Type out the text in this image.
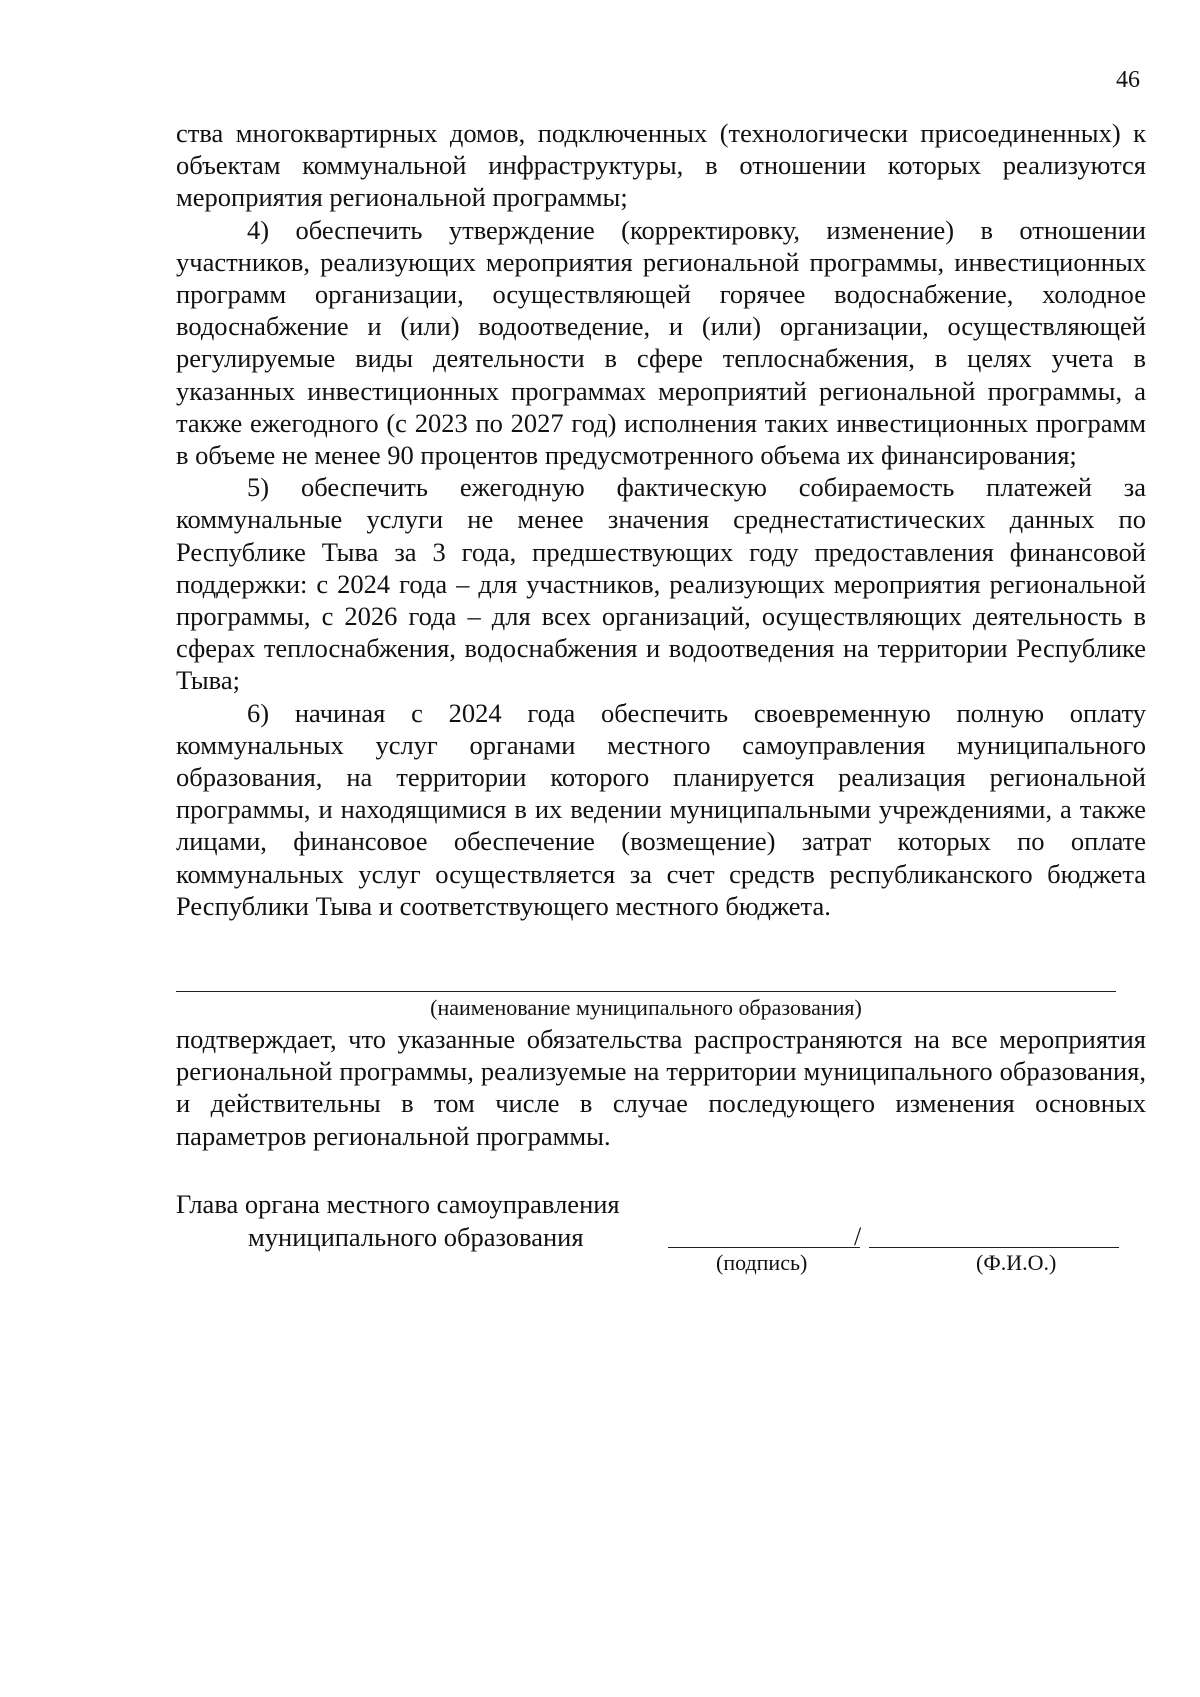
46

ства многоквартирных домов, подключенных (технологически присоединенных) к объектам коммунальной инфраструктуры, в отношении которых реализуются мероприятия региональной программы;

4) обеспечить утверждение (корректировку, изменение) в отношении участников, реализующих мероприятия региональной программы, инвестиционных программ организации, осуществляющей горячее водоснабжение, холодное водоснабжение и (или) водоотведение, и (или) организации, осуществляющей регулируемые виды деятельности в сфере теплоснабжения, в целях учета в указанных инвестиционных программах мероприятий региональной программы, а также ежегодного (с 2023 по 2027 год) исполнения таких инвестиционных программ в объеме не менее 90 процентов предусмотренного объема их финансирования;

5) обеспечить ежегодную фактическую собираемость платежей за коммунальные услуги не менее значения среднестатистических данных по Республике Тыва за 3 года, предшествующих году предоставления финансовой поддержки: с 2024 года – для участников, реализующих мероприятия региональной программы, с 2026 года – для всех организаций, осуществляющих деятельность в сферах теплоснабжения, водоснабжения и водоотведения на территории Республике Тыва;

6) начиная с 2024 года обеспечить своевременную полную оплату коммунальных услуг органами местного самоуправления муниципального образования, на территории которого планируется реализация региональной программы, и находящимися в их ведении муниципальными учреждениями, а также лицами, финансовое обеспечение (возмещение) затрат которых по оплате коммунальных услуг осуществляется за счет средств республиканского бюджета Республики Тыва и соответствующего местного бюджета.

(наименование муниципального образования)

подтверждает, что указанные обязательства распространяются на все мероприятия региональной программы, реализуемые на территории муниципального образования, и действительны в том числе в случае последующего изменения основных параметров региональной программы.

Глава органа местного самоуправления
муниципального образования	/
(подпись)	(Ф.И.О.)
